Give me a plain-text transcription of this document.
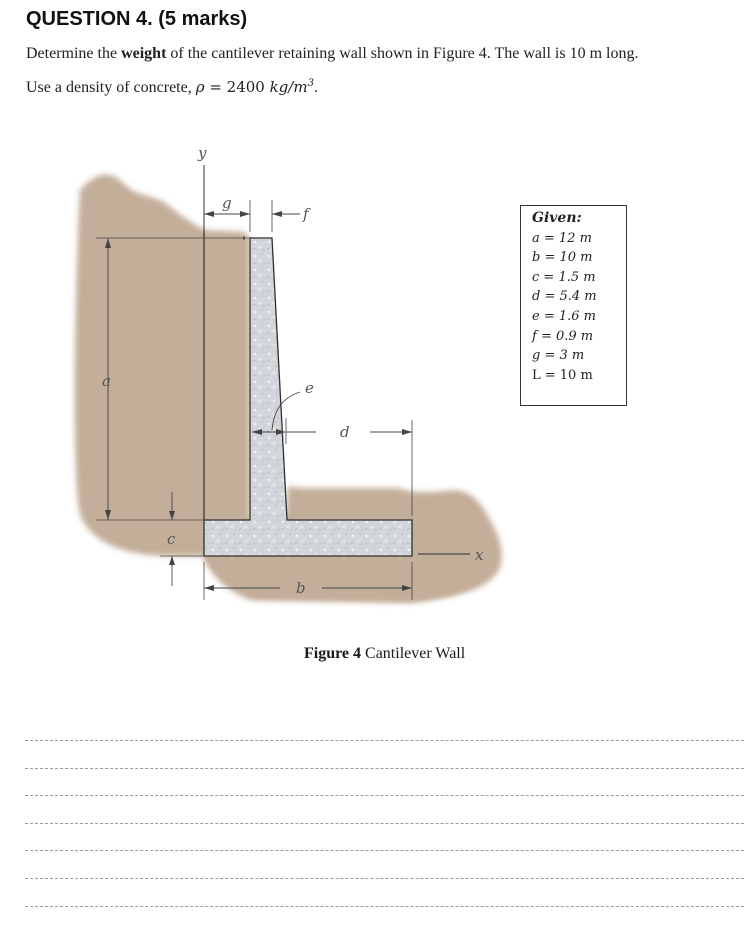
QUESTION 4. (5 marks)
Determine the weight of the cantilever retaining wall shown in Figure 4. The wall is 10 m long.
Use a density of concrete, ρ = 2400 $kg/m^3$.
y
g
f
a	e
d
c
x
b
Given:
a = 12 m
b = 10 m
c = 1.5 m
d = 5.4 m
e = 1.6 m
f = 0.9 m
g = 3 m
L = 10 m
Figure 4 Cantilever Wall
